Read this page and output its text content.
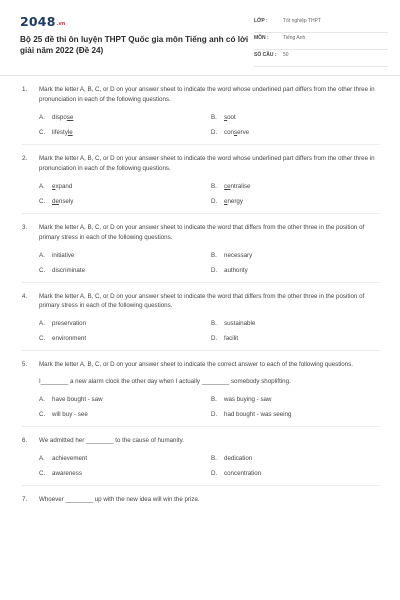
2048.vn
Bộ 25 đề thi ôn luyện THPT Quốc gia môn Tiếng anh có lời giải năm 2022 (Đề 24)
LỚP :	Tốt nghiệp THPT
MÔN :	Tiếng Anh
SỐ CÂU : 50
1.	Mark the letter A, B, C, or D on your answer sheet to indicate the word whose underlined part differs from the other three in pronunciation in each of the following questions.
A.	dispose	B.	soot
C.	lifestyle	D.	conserve
2.	Mark the letter A, B, C, or D on your answer sheet to indicate the word whose underlined part differs from the other three in pronunciation in each of the following questions.
A.	expand	B.	centralise
C.	densely	D.	energy
3.	Mark the letter A, B, C, or D on your answer sheet to indicate the word that differs from the other three in the position of primary stress in each of the following questions.
A.	initiative	B.	necessary
C.	discriminate	D.	authority
4.	Mark the letter A, B, C, or D on your answer sheet to indicate the word that differs from the other three in the position of primary stress in each of the following questions.
A.	preservation	B.	sustainable
C.	environment	D.	facilit
5.	Mark the letter A, B, C, or D on your answer sheet to indicate the correct answer to each of the following questions.
I________ a new alarm clock the other day when I actually ________ somebody shoplifting.
A.	have bought - saw	B.	was buying - saw
C.	will buy - see	D.	had bought - was seeing
6.	We admitted her ________ to the cause of humanity.
A.	achievement	B.	dedication
C.	awareness	D.	concentration
7.	Whoever ________ up with the new idea will win the prize.
